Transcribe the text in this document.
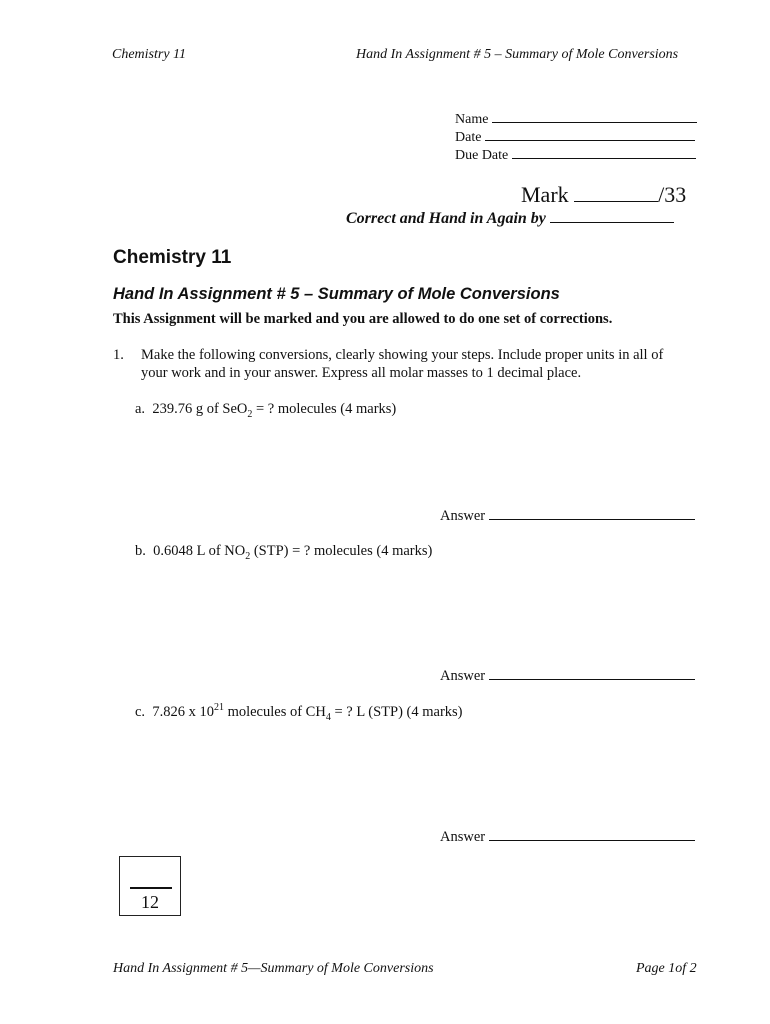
Chemistry 11	Hand In Assignment # 5 – Summary of Mole Conversions
Name
Date
Due Date
Mark	/33
Correct and Hand in Again by
Chemistry 11
Hand In Assignment # 5 – Summary of Mole Conversions
This Assignment will be marked and you are allowed to do one set of corrections.
1. Make the following conversions, clearly showing your steps. Include proper units in all of
your work and in your answer. Express all molar masses to 1 decimal place.
a. 239.76 g of SeO$_2$ = ? molecules (4 marks)
Answer
b. 0.6048 L of $NO_2$ (STP) = ? molecules (4 marks)
Answer
c. 7.826 x $10^{21}$ molecules of $CH_4$ = ? L (STP) (4 marks)
Answer
12
Hand In Assignment # 5—Summary of Mole Conversions	Page 1of 2
